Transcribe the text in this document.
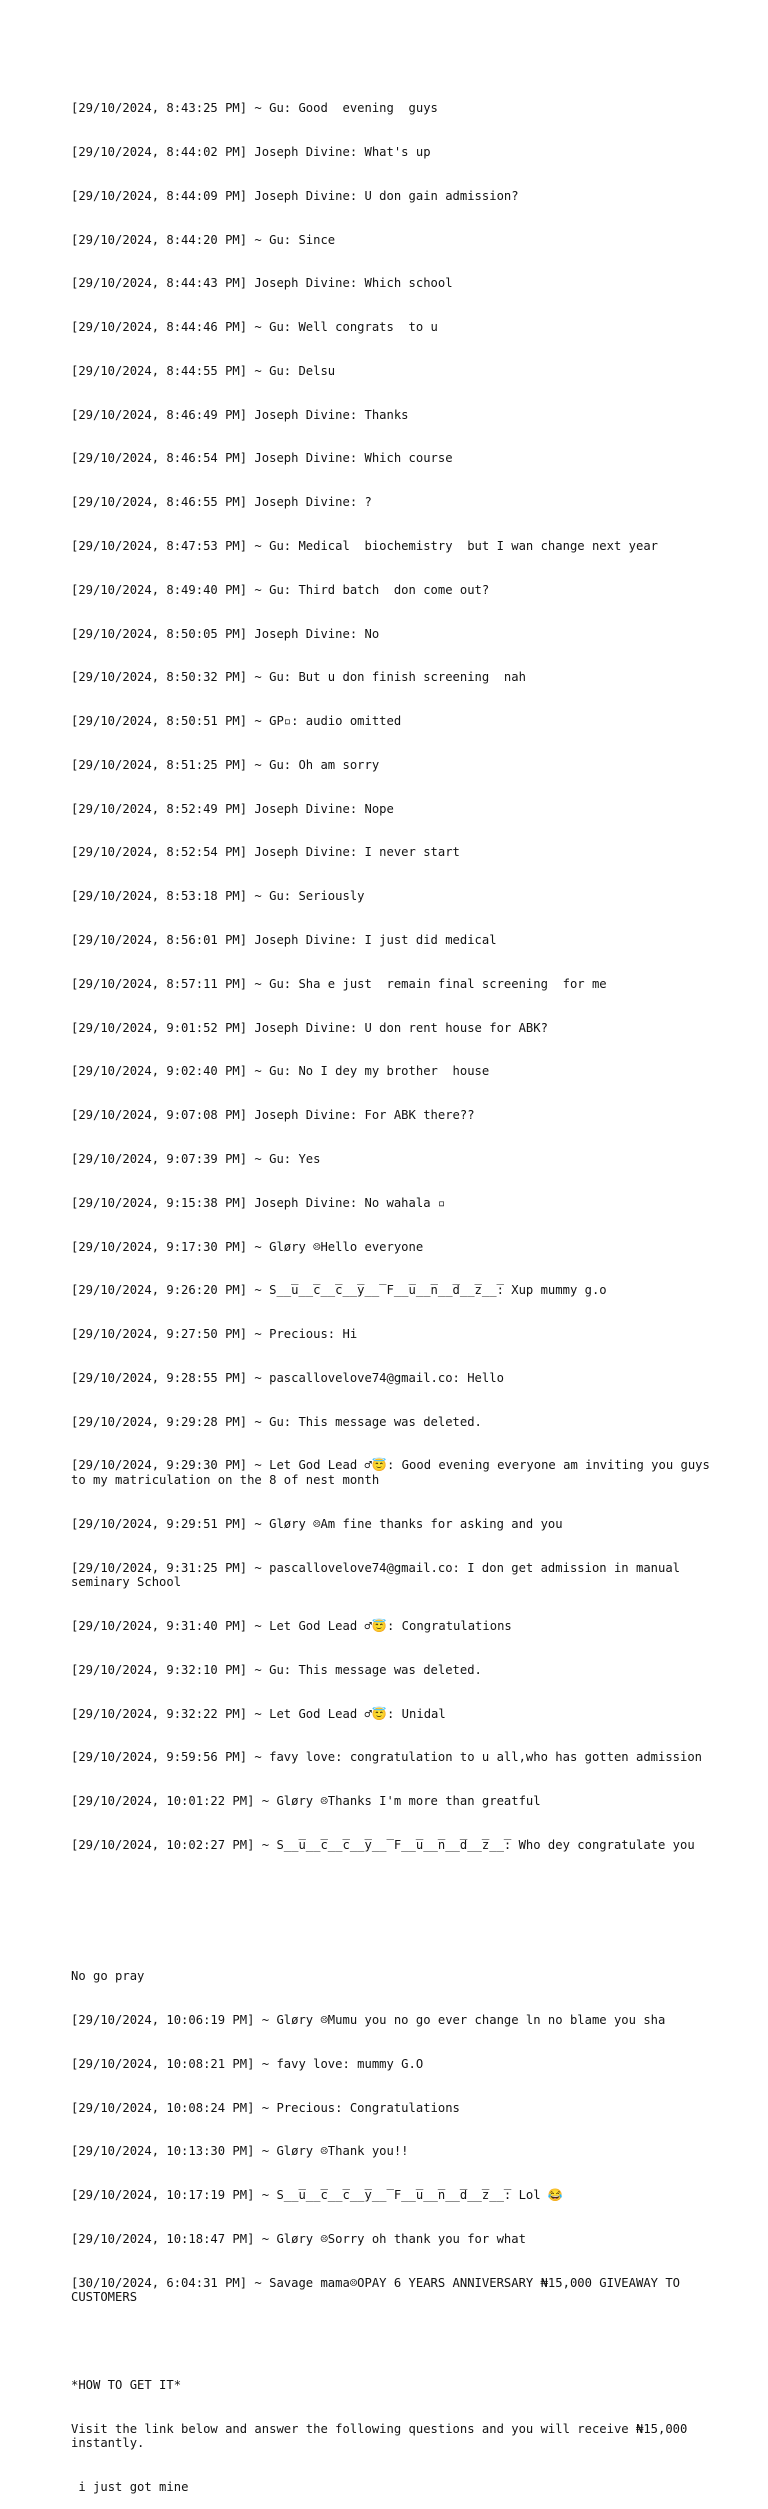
[29/10/2024, 8:43:25 PM] ~ Gu: Good  evening  guys

[29/10/2024, 8:44:02 PM] Joseph Divine: What's up

[29/10/2024, 8:44:09 PM] Joseph Divine: U don gain admission?

[29/10/2024, 8:44:20 PM] ~ Gu: Since

[29/10/2024, 8:44:43 PM] Joseph Divine: Which school

[29/10/2024, 8:44:46 PM] ~ Gu: Well congrats  to u

[29/10/2024, 8:44:55 PM] ~ Gu: Delsu

[29/10/2024, 8:46:49 PM] Joseph Divine: Thanks

[29/10/2024, 8:46:54 PM] Joseph Divine: Which course

[29/10/2024, 8:46:55 PM] Joseph Divine: ?

[29/10/2024, 8:47:53 PM] ~ Gu: Medical  biochemistry  but I wan change next year

[29/10/2024, 8:49:40 PM] ~ Gu: Third batch  don come out?

[29/10/2024, 8:50:05 PM] Joseph Divine: No

[29/10/2024, 8:50:32 PM] ~ Gu: But u don finish screening  nah

[29/10/2024, 8:50:51 PM] ~ GP▫: audio omitted

[29/10/2024, 8:51:25 PM] ~ Gu: Oh am sorry

[29/10/2024, 8:52:49 PM] Joseph Divine: Nope

[29/10/2024, 8:52:54 PM] Joseph Divine: I never start

[29/10/2024, 8:53:18 PM] ~ Gu: Seriously

[29/10/2024, 8:56:01 PM] Joseph Divine: I just did medical

[29/10/2024, 8:57:11 PM] ~ Gu: Sha e just  remain final screening  for me

[29/10/2024, 9:01:52 PM] Joseph Divine: U don rent house for ABK?

[29/10/2024, 9:02:40 PM] ~ Gu: No I dey my brother  house

[29/10/2024, 9:07:08 PM] Joseph Divine: For ABK there??

[29/10/2024, 9:07:39 PM] ~ Gu: Yes

[29/10/2024, 9:15:38 PM] Joseph Divine: No wahala ▫

[29/10/2024, 9:17:30 PM] ~ Gløry ☹Hello everyone

[29/10/2024, 9:26:20 PM] ~ S̲̲̅̅u̲̲̅̅c̲̲̅̅c̲̲̅̅y̲̲̅̅ F̲̲̅̅u̲̲̅̅n̲̲̅̅d̲̲̅̅z̲̲̅̅: Xup mummy g.o

[29/10/2024, 9:27:50 PM] ~ Precious: Hi

[29/10/2024, 9:28:55 PM] ~ pascallovelove74@gmail.co: Hello

[29/10/2024, 9:29:28 PM] ~ Gu: This message was deleted.

[29/10/2024, 9:29:30 PM] ~ Let God Lead ♂😇: Good evening everyone am inviting you guys to my matriculation on the 8 of nest month

[29/10/2024, 9:29:51 PM] ~ Gløry ☹Am fine thanks for asking and you

[29/10/2024, 9:31:25 PM] ~ pascallovelove74@gmail.co: I don get admission in manual seminary School

[29/10/2024, 9:31:40 PM] ~ Let God Lead ♂😇: Congratulations

[29/10/2024, 9:32:10 PM] ~ Gu: This message was deleted.

[29/10/2024, 9:32:22 PM] ~ Let God Lead ♂😇: Unidal

[29/10/2024, 9:59:56 PM] ~ favy love: congratulation to u all,who has gotten admission

[29/10/2024, 10:01:22 PM] ~ Gløry ☹Thanks I'm more than greatful

[29/10/2024, 10:02:27 PM] ~ S̲̲̅̅u̲̲̅̅c̲̲̅̅c̲̲̅̅y̲̲̅̅ F̲̲̅̅u̲̲̅̅n̲̲̅̅d̲̲̅̅z̲̲̅̅: Who dey congratulate you

No go pray

[29/10/2024, 10:06:19 PM] ~ Gløry ☹Mumu you no go ever change ln no blame you sha

[29/10/2024, 10:08:21 PM] ~ favy love: mummy G.O

[29/10/2024, 10:08:24 PM] ~ Precious: Congratulations

[29/10/2024, 10:13:30 PM] ~ Gløry ☹Thank you!!

[29/10/2024, 10:17:19 PM] ~ S̲̲̅̅u̲̲̅̅c̲̲̅̅c̲̲̅̅y̲̲̅̅ F̲̲̅̅u̲̲̅̅n̲̲̅̅d̲̲̅̅z̲̲̅̅: Lol 😂

[29/10/2024, 10:18:47 PM] ~ Gløry ☹Sorry oh thank you for what

[30/10/2024, 6:04:31 PM] ~ Savage mama☹OPAY 6 YEARS ANNIVERSARY ₦15,000 GIVEAWAY TO CUSTOMERS

*HOW TO GET IT*

Visit the link below and answer the following questions and you will receive ₦15,000 instantly.

i just got mine
